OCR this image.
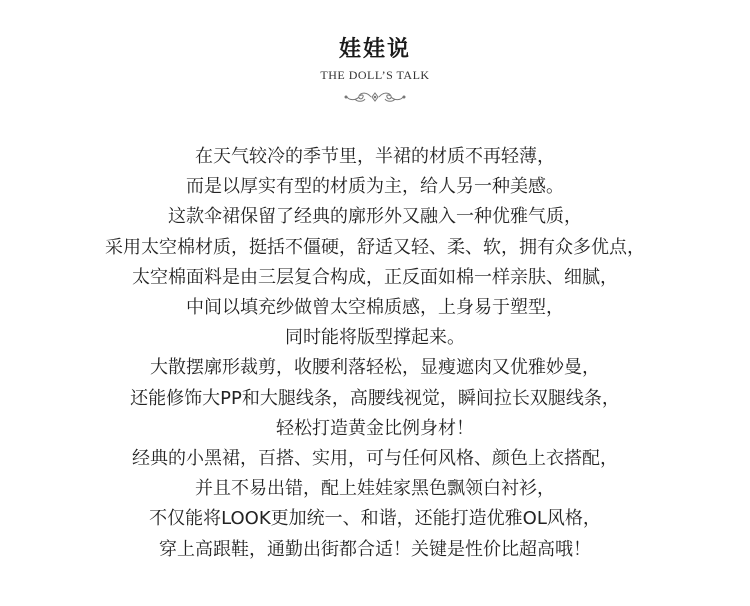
娃娃说
THE DOLL’S TALK
在天气较冷的季节里，半裙的材质不再轻薄，
而是以厚实有型的材质为主，给人另一种美感。
这款伞裙保留了经典的廓形外又融入一种优雅气质，
采用太空棉材质，挺括不僵硬，舒适又轻、柔、软，拥有众多优点，
太空棉面料是由三层复合构成，正反面如棉一样亲肤、细腻，
中间以填充纱做曾太空棉质感，上身易于塑型，
同时能将版型撑起来。
大散摆廓形裁剪，收腰利落轻松，显瘦遮肉又优雅妙曼，
还能修饰大PP和大腿线条，高腰线视觉，瞬间拉长双腿线条，
轻松打造黄金比例身材！
经典的小黑裙，百搭、实用，可与任何风格、颜色上衣搭配，
并且不易出错，配上娃娃家黑色飘领白衬衫，
不仅能将LOOK更加统一、和谐，还能打造优雅OL风格，
穿上高跟鞋，通勤出街都合适！关键是性价比超高哦！
